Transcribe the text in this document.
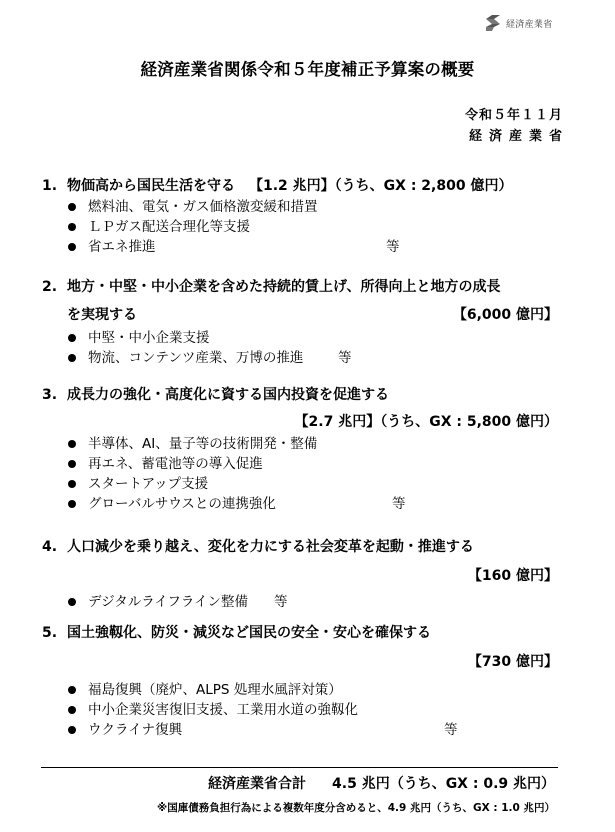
経済産業省
経済産業省関係令和５年度補正予算案の概要
令和５年１１月
経済産業省
1. 物価高から国民生活を守る 【1.2 兆円】（うち、GX : 2,800 億円）
燃料油、電気・ガス価格激変緩和措置
ＬＰガス配送合理化等支援
省エネ推進	等
2. 地方・中堅・中小企業を含めた持続的賃上げ、所得向上と地方の成長
を実現する	【6,000 億円】
中堅・中小企業支援
物流、コンテンツ産業、万博の推進	等
3. 成長力の強化・高度化に資する国内投資を促進する
【2.7 兆円】（うち、GX : 5,800 億円）
半導体、AI、量子等の技術開発・整備
再エネ、蓄電池等の導入促進
スタートアップ支援
グローバルサウスとの連携強化	等
4. 人口減少を乗り越え、変化を力にする社会変革を起動・推進する
【160 億円】
デジタルライフライン整備 等
5. 国土強靱化、防災・減災など国民の安全・安心を確保する
【730 億円】
福島復興（廃炉、ALPS 処理水風評対策）
中小企業災害復旧支援、工業用水道の強靱化
ウクライナ復興	等
経済産業省合計 4.5 兆円（うち、GX : 0.9 兆円）
※国庫債務負担行為による複数年度分含めると、4.9 兆円（うち、GX : 1.0 兆円）
